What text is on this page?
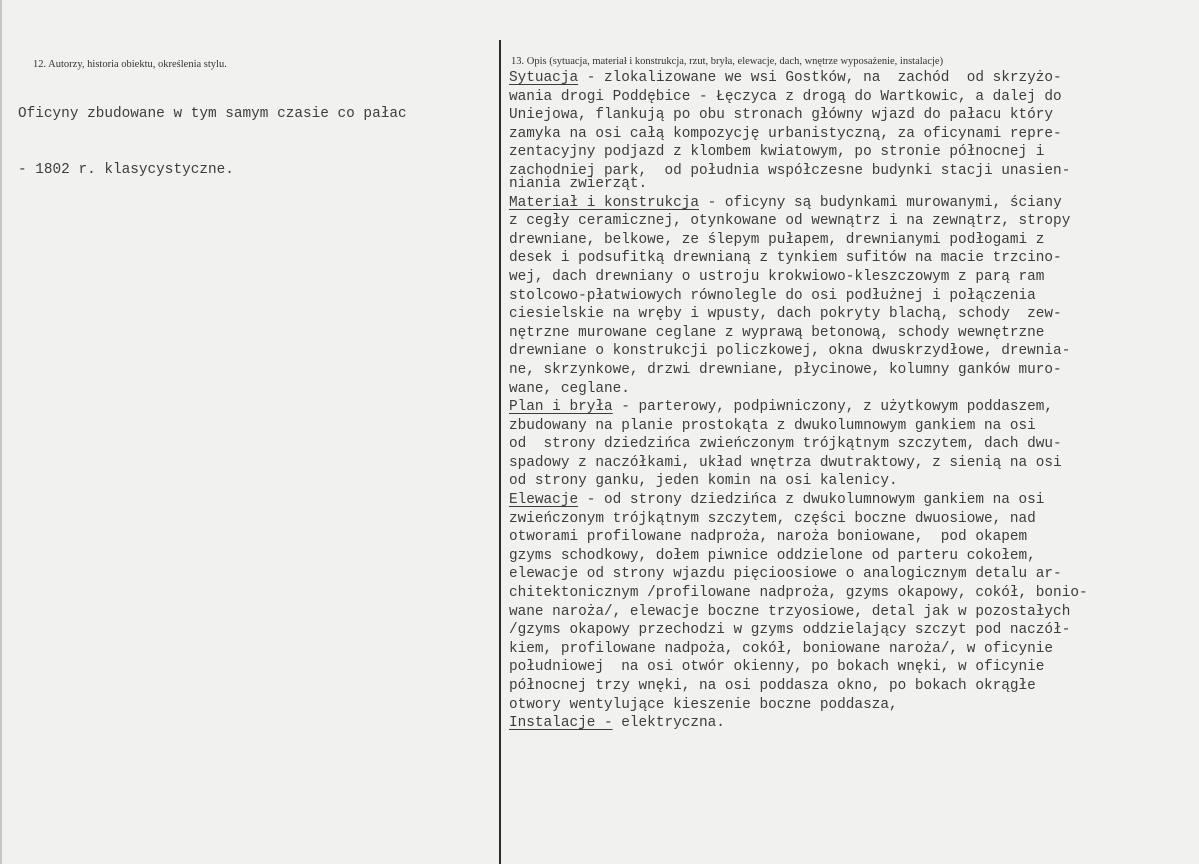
12. Autorzy, historia obiektu, określenia stylu.	13. Opis (sytuacja, materiał i konstrukcja, rzut, bryła, elewacje, dach, wnętrze wyposażenie, instalacje)

Oficyny zbudowane w tym samym czasie co pałac

- 1802 r. klasycystyczne.

Sytuacja - zlokalizowane we wsi Gostków, na  zachód  od skrzyżo-
wania drogi Poddębice - Łęczyca z drogą do Wartkowic, a dalej do
Uniejowa, flankują po obu stronach główny wjazd do pałacu który
zamyka na osi całą kompozycję urbanistyczną, za oficynami repre-
zentacyjny podjazd z klombem kwiatowym, po stronie północnej i
zachodniej park,  od południa współczesne budynki stacji unasien-
niania zwierząt.
Materiał i konstrukcja - oficyny są budynkami murowanymi, ściany
z cegły ceramicznej, otynkowane od wewnątrz i na zewnątrz, stropy
drewniane, belkowe, ze ślepym pułapem, drewnianymi podłogami z
desek i podsufitką drewnianą z tynkiem sufitów na macie trzcino-
wej, dach drewniany o ustroju krokwiowo-kleszczowym z parą ram
stolcowo-płatwiowych równolegle do osi podłużnej i połączenia
ciesielskie na wręby i wpusty, dach pokryty blachą, schody  zew-
nętrzne murowane ceglane z wyprawą betonową, schody wewnętrzne
drewniane o konstrukcji policzkowej, okna dwuskrzydłowe, drewnia-
ne, skrzynkowe, drzwi drewniane, płycinowe, kolumny ganków muro-
wane, ceglane.
Plan i bryła - parterowy, podpiwniczony, z użytkowym poddaszem,
zbudowany na planie prostokąta z dwukolumnowym gankiem na osi
od  strony dziedzińca zwieńczonym trójkątnym szczytem, dach dwu-
spadowy z naczółkami, układ wnętrza dwutraktowy, z sienią na osi
od strony ganku, jeden komin na osi kalenicy.
Elewacje - od strony dziedzińca z dwukolumnowym gankiem na osi
zwieńczonym trójkątnym szczytem, części boczne dwuosiowe, nad
otworami profilowane nadproża, naroża boniowane,  pod okapem
gzyms schodkowy, dołem piwnice oddzielone od parteru cokołem,
elewacje od strony wjazdu pięcioosiowe o analogicznym detalu ar-
chitektonicznym /profilowane nadproża, gzyms okapowy, cokół, bonio-
wane naroża/, elewacje boczne trzyosiowe, detal jak w pozostałych
/gzyms okapowy przechodzi w gzyms oddzielający szczyt pod naczół-
kiem, profilowane nadpoża, cokół, boniowane naroża/, w oficynie
południowej  na osi otwór okienny, po bokach wnęki, w oficynie
północnej trzy wnęki, na osi poddasza okno, po bokach okrągłe
otwory wentylujące kieszenie boczne poddasza,
Instalacje - elektryczna.
